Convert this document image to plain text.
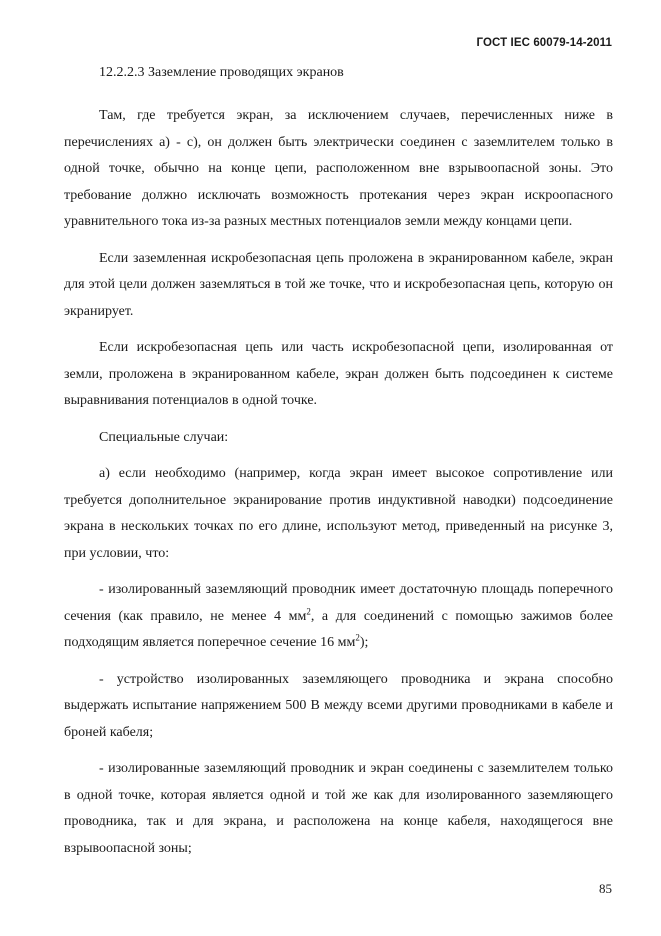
ГОСТ IEC 60079-14-2011

12.2.2.3 Заземление проводящих экранов

Там, где требуется экран, за исключением случаев, перечисленных ниже в перечислениях а) - с), он должен быть электрически соединен с заземлителем только в одной точке, обычно на конце цепи, расположенном вне взрывоопасной зоны. Это требование должно исключать возможность протекания через экран искроопасного уравнительного тока из-за разных местных потенциалов земли между концами цепи.

Если заземленная искробезопасная цепь проложена в экранированном кабеле, экран для этой цели должен заземляться в той же точке, что и искробезопасная цепь, которую он экранирует.

Если искробезопасная цепь или часть искробезопасной цепи, изолированная от земли, проложена в экранированном кабеле, экран должен быть подсоединен к системе выравнивания потенциалов в одной точке.

Специальные случаи:

а) если необходимо (например, когда экран имеет высокое сопротивление или требуется дополнительное экранирование против индуктивной наводки) подсоединение экрана в нескольких точках по его длине, используют метод, приведенный на рисунке 3, при условии, что:

- изолированный заземляющий проводник имеет достаточную площадь поперечного сечения (как правило, не менее 4 $мм^2$, а для соединений с помощью зажимов более подходящим является поперечное сечение 16 $мм^2$);

- устройство изолированных заземляющего проводника и экрана способно выдержать испытание напряжением 500 В между всеми другими проводниками в кабеле и броней кабеля;

- изолированные заземляющий проводник и экран соединены с заземлителем только в одной точке, которая является одной и той же как для изолированного заземляющего проводника, так и для экрана, и расположена на конце кабеля, находящегося вне взрывоопасной зоны;

85
